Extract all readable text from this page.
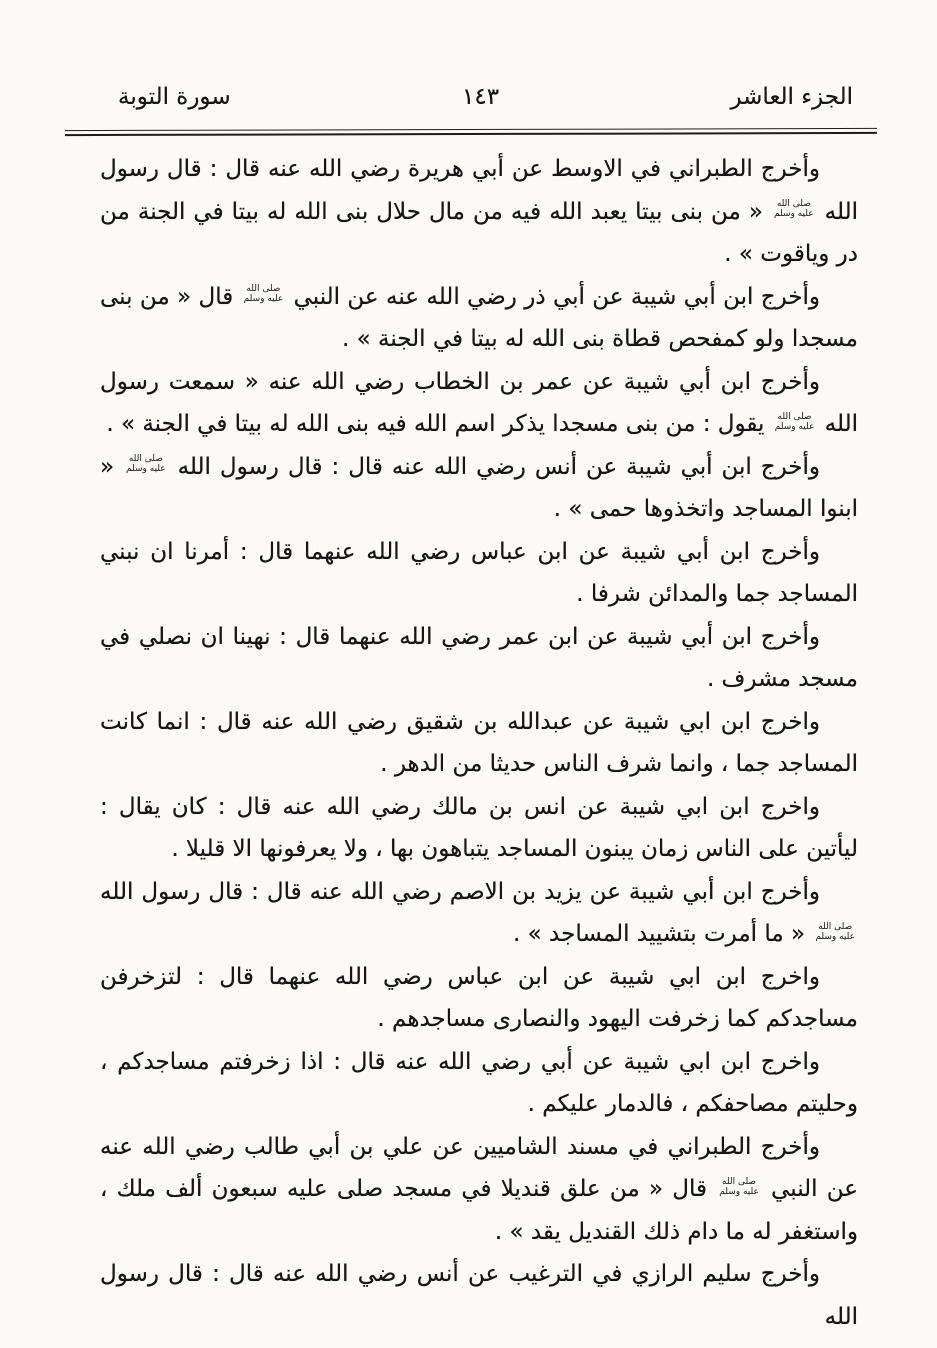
الجزء العاشر
١٤٣
سورة التوبة

وأخرج الطبراني في الاوسط عن أبي هريرة رضي الله عنه قال : قال رسول الله
صلى الله
عليه وسلم
« من بنى بيتا يعبد الله فيه من مال حلال بنى الله له بيتا في الجنة من در وياقوت » .

وأخرج ابن أبي شيبة عن أبي ذر رضي الله عنه عن النبي
صلى الله
عليه وسلم
قال « من بنى مسجدا ولو كمفحص قطاة بنى الله له بيتا في الجنة » .

وأخرج ابن أبي شيبة عن عمر بن الخطاب رضي الله عنه « سمعت رسول الله
صلى الله
عليه وسلم
يقول : من بنى مسجدا يذكر اسم الله فيه بنى الله له بيتا في الجنة » .

وأخرج ابن أبي شيبة عن أنس رضي الله عنه قال : قال رسول الله
صلى الله
عليه وسلم
« ابنوا المساجد واتخذوها حمى » .

وأخرج ابن أبي شيبة عن ابن عباس رضي الله عنهما قال : أمرنا ان نبني المساجد جما والمدائن شرفا .

وأخرج ابن أبي شيبة عن ابن عمر رضي الله عنهما قال : نهينا ان نصلي في مسجد مشرف .

واخرج ابن ابي شيبة عن عبدالله بن شقيق رضي الله عنه قال : انما كانت المساجد جما ، وانما شرف الناس حديثا من الدهر .

واخرج ابن ابي شيبة عن انس بن مالك رضي الله عنه قال : كان يقال : ليأتين على الناس زمان يبنون المساجد يتباهون بها ، ولا يعرفونها الا قليلا .

وأخرج ابن أبي شيبة عن يزيد بن الاصم رضي الله عنه قال : قال رسول الله
صلى الله
عليه وسلم
« ما أمرت بتشييد المساجد » .

واخرج ابن ابي شيبة عن ابن عباس رضي الله عنهما قال : لتزخرفن مساجدكم كما زخرفت اليهود والنصارى مساجدهم .

واخرج ابن ابي شيبة عن أبي رضي الله عنه قال : اذا زخرفتم مساجدكم ، وحليتم مصاحفكم ، فالدمار عليكم .

وأخرج الطبراني في مسند الشاميين عن علي بن أبي طالب رضي الله عنه عن النبي
صلى الله
عليه وسلم
قال « من علق قنديلا في مسجد صلى عليه سبعون ألف ملك ، واستغفر له ما دام ذلك القنديل يقد » .

وأخرج سليم الرازي في الترغيب عن أنس رضي الله عنه قال : قال رسول الله
